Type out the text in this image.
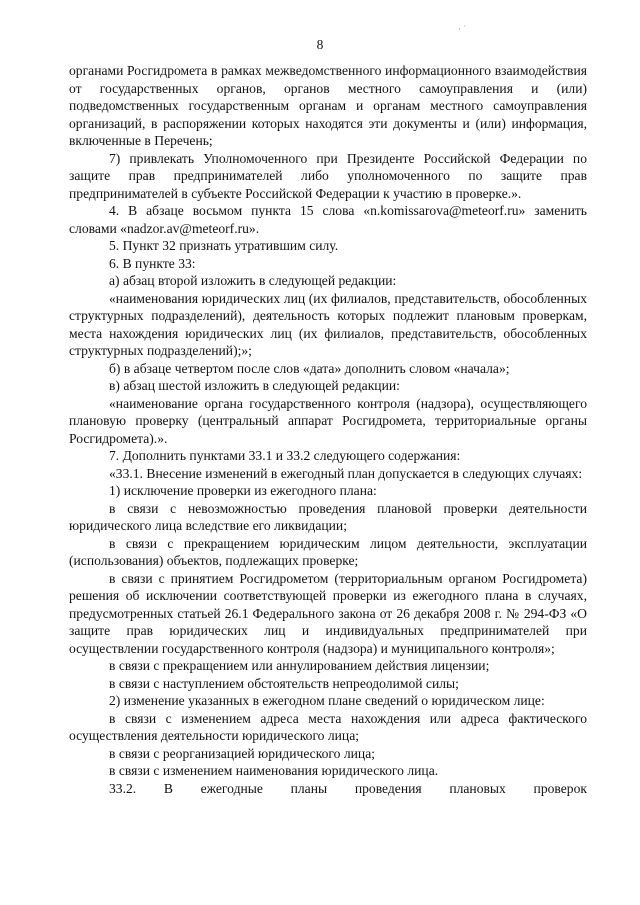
· ˙
8

органами Росгидромета в рамках межведомственного информационного взаимодействия от государственных органов, органов местного самоуправления и (или) подведомственных государственным органам и органам местного самоуправления организаций, в распоряжении которых находятся эти документы и (или) информация, включенные в Перечень;

7) привлекать Уполномоченного при Президенте Российской Федерации по защите прав предпринимателей либо уполномоченного по защите прав предпринимателей в субъекте Российской Федерации к участию в проверке.».

4. В абзаце восьмом пункта 15 слова «n.komissarova@meteorf.ru» заменить словами «nadzor.av@meteorf.ru».

5. Пункт 32 признать утратившим силу.

6. В пункте 33:

а) абзац второй изложить в следующей редакции:

«наименования юридических лиц (их филиалов, представительств, обособленных структурных подразделений), деятельность которых подлежит плановым проверкам, места нахождения юридических лиц (их филиалов, представительств, обособленных структурных подразделений);»;

б) в абзаце четвертом после слов «дата» дополнить словом «начала»;

в) абзац шестой изложить в следующей редакции:

«наименование органа государственного контроля (надзора), осуществляющего плановую проверку (центральный аппарат Росгидромета, территориальные органы Росгидромета).».

7. Дополнить пунктами 33.1 и 33.2 следующего содержания:

«33.1. Внесение изменений в ежегодный план допускается в следующих случаях:

1) исключение проверки из ежегодного плана:

в связи с невозможностью проведения плановой проверки деятельности юридического лица вследствие его ликвидации;

в связи с прекращением юридическим лицом деятельности, эксплуатации (использования) объектов, подлежащих проверке;

в связи с принятием Росгидрометом (территориальным органом Росгидромета) решения об исключении соответствующей проверки из ежегодного плана в случаях, предусмотренных статьей 26.1 Федерального закона от 26 декабря 2008 г. № 294-ФЗ «О защите прав юридических лиц и индивидуальных предпринимателей при осуществлении государственного контроля (надзора) и муниципального контроля»;

в связи с прекращением или аннулированием действия лицензии;

в связи с наступлением обстоятельств непреодолимой силы;

2) изменение указанных в ежегодном плане сведений о юридическом лице:

в связи с изменением адреса места нахождения или адреса фактического осуществления деятельности юридического лица;

в связи с реорганизацией юридического лица;

в связи с изменением наименования юридического лица.

33.2. В ежегодные планы проведения плановых проверок
